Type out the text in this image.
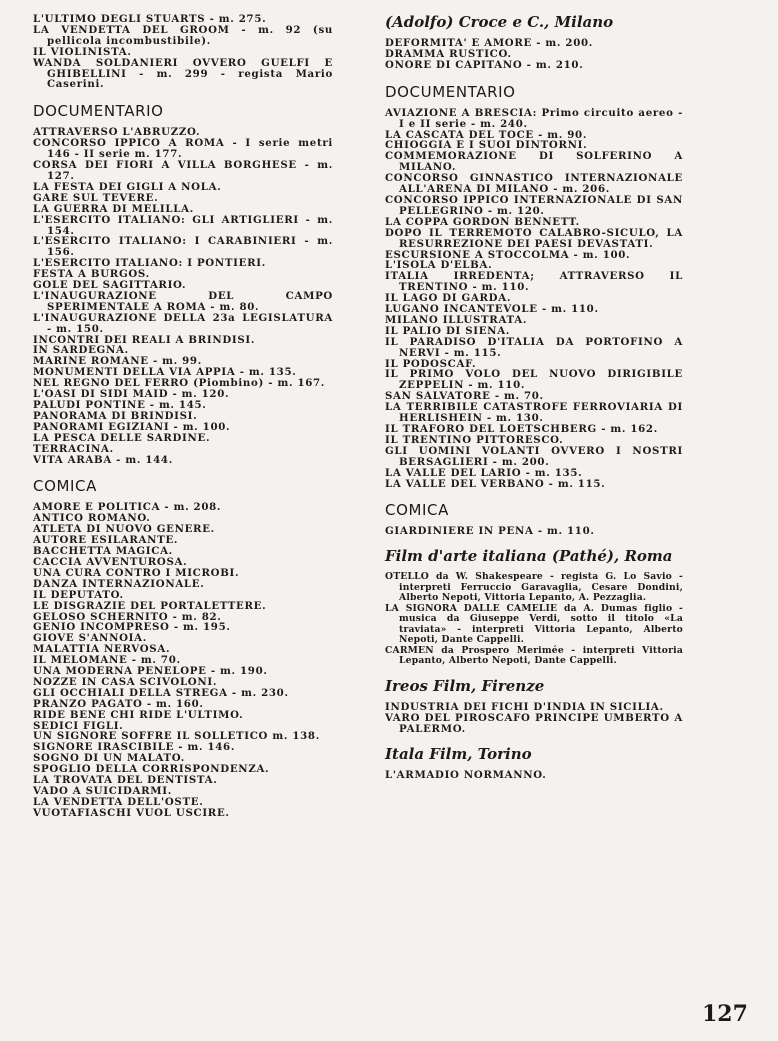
L'ULTIMO DEGLI STUARTS - m. 275.
LA VENDETTA DEL GROOM - m. 92 (su pellicola incombustibile).
IL VIOLINISTA.
WANDA SOLDANIERI OVVERO GUELFI E GHIBELLINI - m. 299 - regista Mario Caserini.
DOCUMENTARIO
ATTRAVERSO L'ABRUZZO.
CONCORSO IPPICO A ROMA - I serie metri 146 - II serie m. 177.
CORSA DEI FIORI A VILLA BORGHESE - m. 127.
LA FESTA DEI GIGLI A NOLA.
GARE SUL TEVERE.
LA GUERRA DI MELILLA.
L'ESERCITO ITALIANO: GLI ARTIGLIERI - m. 154.
L'ESERCITO ITALIANO: I CARABINIERI - m. 156.
L'ESERCITO ITALIANO: I PONTIERI.
FESTA A BURGOS.
GOLE DEL SAGITTARIO.
L'INAUGURAZIONE DEL CAMPO SPERIMENTALE A ROMA - m. 80.
L'INAUGURAZIONE DELLA 23a LEGISLATURA - m. 150.
INCONTRI DEI REALI A BRINDISI.
IN SARDEGNA.
MARINE ROMANE - m. 99.
MONUMENTI DELLA VIA APPIA - m. 135.
NEL REGNO DEL FERRO (Piombino) - m. 167.
L'OASI DI SIDI MAID - m. 120.
PALUDI PONTINE - m. 145.
PANORAMA DI BRINDISI.
PANORAMI EGIZIANI - m. 100.
LA PESCA DELLE SARDINE.
TERRACINA.
VITA ARABA - m. 144.
COMICA
AMORE E POLITICA - m. 208.
ANTICO ROMANO.
ATLETA DI NUOVO GENERE.
AUTORE ESILARANTE.
BACCHETTA MAGICA.
CACCIA AVVENTUROSA.
UNA CURA CONTRO I MICROBI.
DANZA INTERNAZIONALE.
IL DEPUTATO.
LE DISGRAZIE DEL PORTALETTERE.
GELOSO SCHERNITO - m. 82.
GENIO INCOMPRESO - m. 195.
GIOVE S'ANNOIA.
MALATTIA NERVOSA.
IL MELOMANE - m. 70.
UNA MODERNA PENELOPE - m. 190.
NOZZE IN CASA SCIVOLONI.
GLI OCCHIALI DELLA STREGA - m. 230.
PRANZO PAGATO - m. 160.
RIDE BENE CHI RIDE L'ULTIMO.
SEDICI FIGLI.
UN SIGNORE SOFFRE IL SOLLETICO m. 138.
SIGNORE IRASCIBILE - m. 146.
SOGNO DI UN MALATO.
SPOGLIO DELLA CORRISPONDENZA.
LA TROVATA DEL DENTISTA.
VADO A SUICIDARMI.
LA VENDETTA DELL'OSTE.
VUOTAFIASCHI VUOL USCIRE.
(Adolfo) Croce e C., Milano
DEFORMITA' E AMORE - m. 200.
DRAMMA RUSTICO.
ONORE DI CAPITANO - m. 210.
DOCUMENTARIO
AVIAZIONE A BRESCIA: Primo circuito aereo - I e II serie - m. 240.
LA CASCATA DEL TOCE - m. 90.
CHIOGGIA E I SUOI DINTORNI.
COMMEMORAZIONE DI SOLFERINO A MILANO.
CONCORSO GINNASTICO INTERNAZIONALE ALL'ARENA DI MILANO - m. 206.
CONCORSO IPPICO INTERNAZIONALE DI SAN PELLEGRINO - m. 120.
LA COPPA GORDON BENNETT.
DOPO IL TERREMOTO CALABRO-SICULO, LA RESURREZIONE DEI PAESI DEVASTATI.
ESCURSIONE A STOCCOLMA - m. 100.
L'ISOLA D'ELBA.
ITALIA IRREDENTA; ATTRAVERSO IL TRENTINO - m. 110.
IL LAGO DI GARDA.
LUGANO INCANTEVOLE - m. 110.
MILANO ILLUSTRATA.
IL PALIO DI SIENA.
IL PARADISO D'ITALIA DA PORTOFINO A NERVI - m. 115.
IL PODOSCAF.
IL PRIMO VOLO DEL NUOVO DIRIGIBILE ZEPPELIN - m. 110.
SAN SALVATORE - m. 70.
LA TERRIBILE CATASTROFE FERROVIARIA DI HERLISHEIN - m. 130.
IL TRAFORO DEL LOETSCHBERG - m. 162.
IL TRENTINO PITTORESCO.
GLI UOMINI VOLANTI OVVERO I NOSTRI BERSAGLIERI - m. 200.
LA VALLE DEL LARIO - m. 135.
LA VALLE DEL VERBANO - m. 115.
COMICA
GIARDINIERE IN PENA - m. 110.
Film d'arte italiana (Pathé), Roma
OTELLO da W. Shakespeare - regista G. Lo Savio - interpreti Ferruccio Garavaglia, Cesare Dondini, Alberto Nepoti, Vittoria Lepanto, A. Pezzaglia.
LA SIGNORA DALLE CAMELIE da A. Dumas figlio - musica da Giuseppe Verdi, sotto il titolo «La traviata» - interpreti Vittoria Lepanto, Alberto Nepoti, Dante Cappelli.
CARMEN da Prospero Merimée - interpreti Vittoria Lepanto, Alberto Nepoti, Dante Cappelli.
Ireos Film, Firenze
INDUSTRIA DEI FICHI D'INDIA IN SICILIA.
VARO DEL PIROSCAFO PRINCIPE UMBERTO A PALERMO.
Itala Film, Torino
L'ARMADIO NORMANNO.
127
